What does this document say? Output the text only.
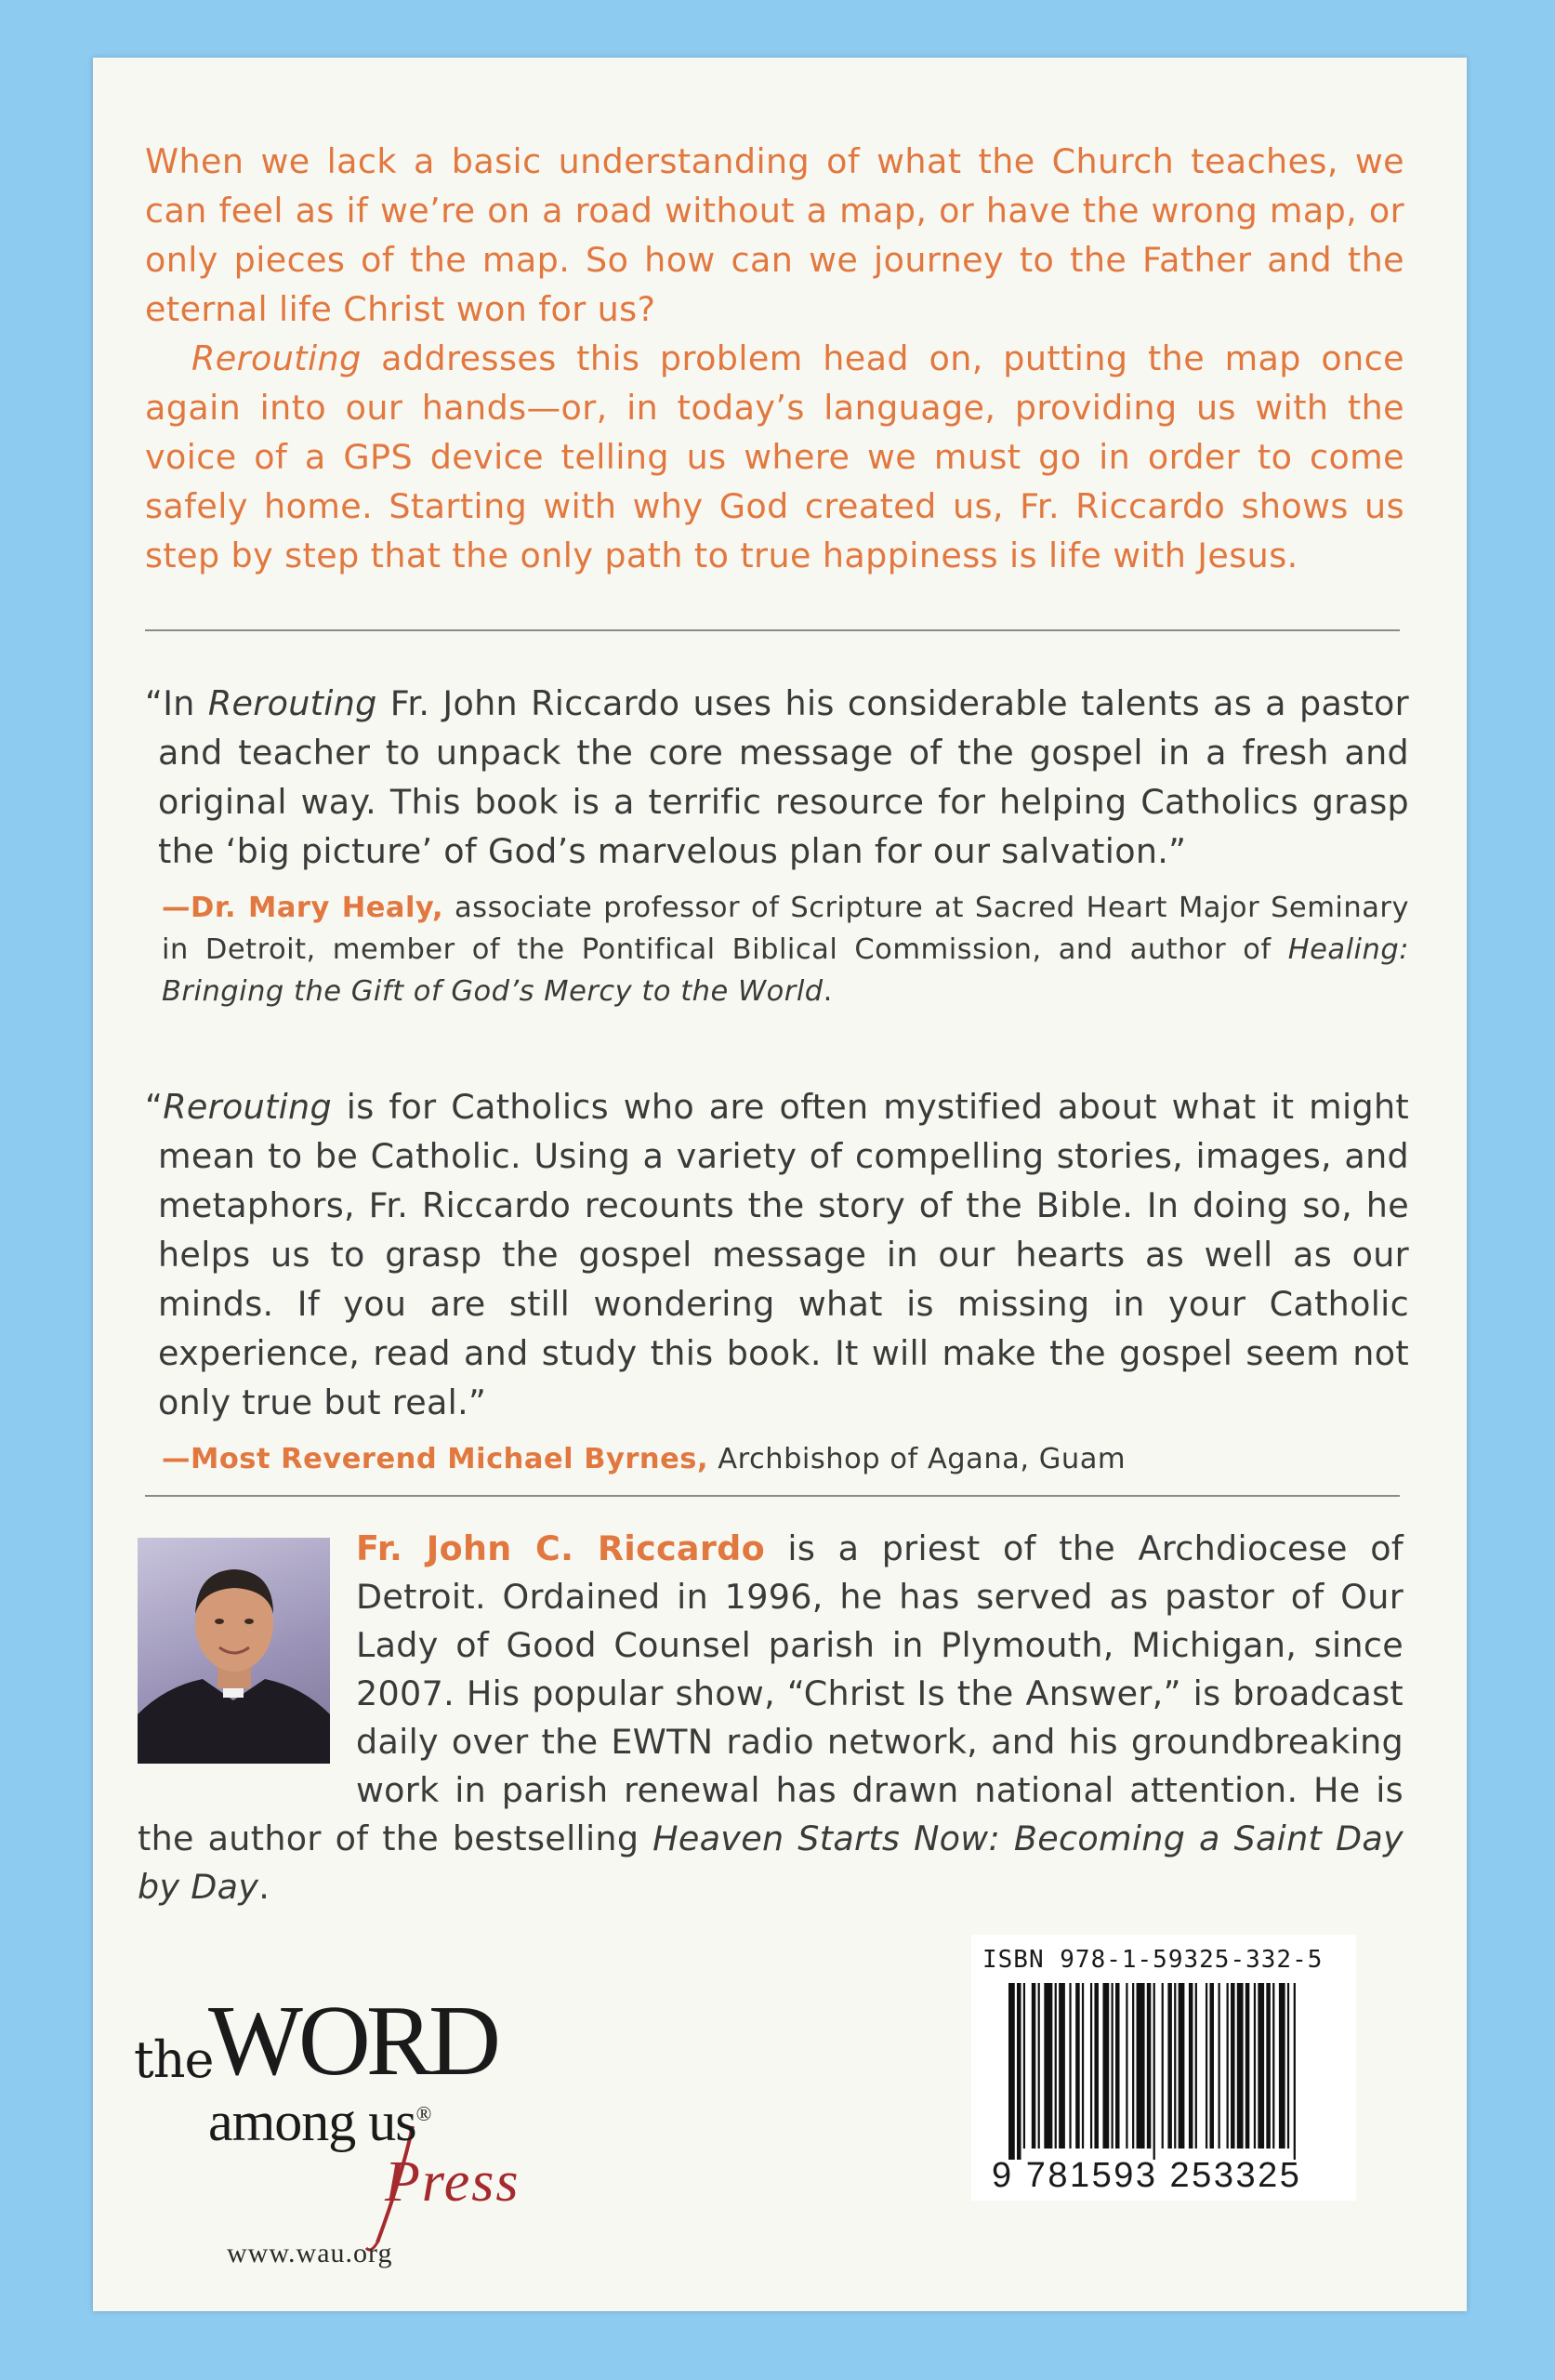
When we lack a basic understanding of what the Church teaches, we can feel as if we’re on a road without a map, or have the wrong map, or only pieces of the map. So how can we journey to the Father and the eternal life Christ won for us?

Rerouting addresses this problem head on, putting the map once again into our hands—or, in today’s language, providing us with the voice of a GPS device telling us where we must go in order to come safely home. Starting with why God created us, Fr. Riccardo shows us step by step that the only path to true happiness is life with Jesus.

“In Rerouting Fr. John Riccardo uses his considerable talents as a pastor and teacher to unpack the core message of the gospel in a fresh and original way. This book is a terrific resource for helping Catholics grasp the ‘big picture’ of God’s marvelous plan for our salvation.”

—Dr. Mary Healy, associate professor of Scripture at Sacred Heart Major Seminary in Detroit, member of the Pontifical Biblical Commission, and author of Healing: Bringing the Gift of God’s Mercy to the World.

“Rerouting is for Catholics who are often mystified about what it might mean to be Catholic. Using a variety of compelling stories, images, and metaphors, Fr. Riccardo recounts the story of the Bible. In doing so, he helps us to grasp the gospel message in our hearts as well as our minds. If you are still wondering what is missing in your Catholic experience, read and study this book. It will make the gospel seem not only true but real.”

—Most Reverend Michael Byrnes, Archbishop of Agana, Guam

Fr. John C. Riccardo is a priest of the Archdiocese of Detroit. Ordained in 1996, he has served as pastor of Our Lady of Good Counsel parish in Plymouth, Michigan, since 2007. His popular show, “Christ Is the Answer,” is broadcast daily over the EWTN radio network, and his groundbreaking work in parish renewal has drawn national attention. He is the author of the bestselling Heaven Starts Now: Becoming a Saint Day by Day.
the
WORD
among us®
Press
www.wau.org
ISBN 978-1-59325-332-5
9 781593 253325
